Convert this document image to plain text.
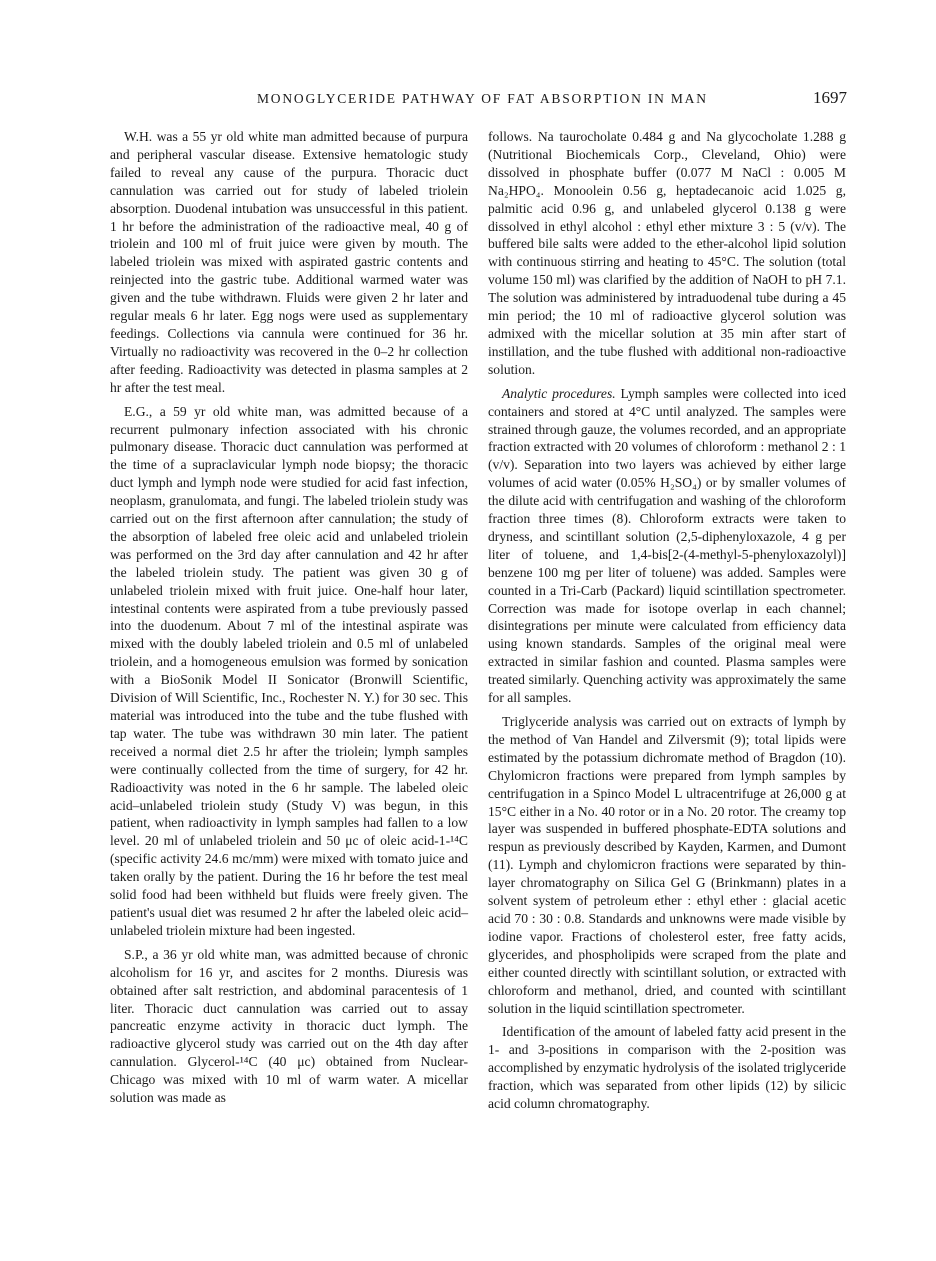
MONOGLYCERIDE PATHWAY OF FAT ABSORPTION IN MAN	1697

W.H. was a 55 yr old white man admitted because of purpura and peripheral vascular disease. Extensive hematologic study failed to reveal any cause of the purpura. Thoracic duct cannulation was carried out for study of labeled triolein absorption. Duodenal intubation was unsuccessful in this patient. 1 hr before the administration of the radioactive meal, 40 g of triolein and 100 ml of fruit juice were given by mouth. The labeled triolein was mixed with aspirated gastric contents and reinjected into the gastric tube. Additional warmed water was given and the tube withdrawn. Fluids were given 2 hr later and regular meals 6 hr later. Egg nogs were used as supplementary feedings. Collections via cannula were continued for 36 hr. Virtually no radioactivity was recovered in the 0–2 hr collection after feeding. Radioactivity was detected in plasma samples at 2 hr after the test meal.

E.G., a 59 yr old white man, was admitted because of a recurrent pulmonary infection associated with his chronic pulmonary disease. Thoracic duct cannulation was performed at the time of a supraclavicular lymph node biopsy; the thoracic duct lymph and lymph node were studied for acid fast infection, neoplasm, granulomata, and fungi. The labeled triolein study was carried out on the first afternoon after cannulation; the study of the absorption of labeled free oleic acid and unlabeled triolein was performed on the 3rd day after cannulation and 42 hr after the labeled triolein study. The patient was given 30 g of unlabeled triolein mixed with fruit juice. One-half hour later, intestinal contents were aspirated from a tube previously passed into the duodenum. About 7 ml of the intestinal aspirate was mixed with the doubly labeled triolein and 0.5 ml of unlabeled triolein, and a homogeneous emulsion was formed by sonication with a BioSonik Model II Sonicator (Bronwill Scientific, Division of Will Scientific, Inc., Rochester N. Y.) for 30 sec. This material was introduced into the tube and the tube flushed with tap water. The tube was withdrawn 30 min later. The patient received a normal diet 2.5 hr after the triolein; lymph samples were continually collected from the time of surgery, for 42 hr. Radioactivity was noted in the 6 hr sample. The labeled oleic acid–unlabeled triolein study (Study V) was begun, in this patient, when radioactivity in lymph samples had fallen to a low level. 20 ml of unlabeled triolein and 50 μc of oleic acid-1-¹⁴C (specific activity 24.6 mc/mm) were mixed with tomato juice and taken orally by the patient. During the 16 hr before the test meal solid food had been withheld but fluids were freely given. The patient's usual diet was resumed 2 hr after the labeled oleic acid–unlabeled triolein mixture had been ingested.

S.P., a 36 yr old white man, was admitted because of chronic alcoholism for 16 yr, and ascites for 2 months. Diuresis was obtained after salt restriction, and abdominal paracentesis of 1 liter. Thoracic duct cannulation was carried out to assay pancreatic enzyme activity in thoracic duct lymph. The radioactive glycerol study was carried out on the 4th day after cannulation. Glycerol-¹⁴C (40 μc) obtained from Nuclear-Chicago was mixed with 10 ml of warm water. A micellar solution was made as

follows. Na taurocholate 0.484 g and Na glycocholate 1.288 g (Nutritional Biochemicals Corp., Cleveland, Ohio) were dissolved in phosphate buffer (0.077 M NaCl : 0.005 M Na₂HPO₄. Monoolein 0.56 g, heptadecanoic acid 1.025 g, palmitic acid 0.96 g, and unlabeled glycerol 0.138 g were dissolved in ethyl alcohol : ethyl ether mixture 3 : 5 (v/v). The buffered bile salts were added to the ether-alcohol lipid solution with continuous stirring and heating to 45°C. The solution (total volume 150 ml) was clarified by the addition of NaOH to pH 7.1. The solution was administered by intraduodenal tube during a 45 min period; the 10 ml of radioactive glycerol solution was admixed with the micellar solution at 35 min after start of instillation, and the tube flushed with additional non-radioactive solution.

Analytic procedures. Lymph samples were collected into iced containers and stored at 4°C until analyzed. The samples were strained through gauze, the volumes recorded, and an appropriate fraction extracted with 20 volumes of chloroform : methanol 2 : 1 (v/v). Separation into two layers was achieved by either large volumes of acid water (0.05% H₂SO₄) or by smaller volumes of the dilute acid with centrifugation and washing of the chloroform fraction three times (8). Chloroform extracts were taken to dryness, and scintillant solution (2,5-diphenyloxazole, 4 g per liter of toluene, and 1,4-bis[2-(4-methyl-5-phenyloxazolyl)] benzene 100 mg per liter of toluene) was added. Samples were counted in a Tri-Carb (Packard) liquid scintillation spectrometer. Correction was made for isotope overlap in each channel; disintegrations per minute were calculated from efficiency data using known standards. Samples of the original meal were extracted in similar fashion and counted. Plasma samples were treated similarly. Quenching activity was approximately the same for all samples.

Triglyceride analysis was carried out on extracts of lymph by the method of Van Handel and Zilversmit (9); total lipids were estimated by the potassium dichromate method of Bragdon (10). Chylomicron fractions were prepared from lymph samples by centrifugation in a Spinco Model L ultracentrifuge at 26,000 g at 15°C either in a No. 40 rotor or in a No. 20 rotor. The creamy top layer was suspended in buffered phosphate-EDTA solutions and respun as previously described by Kayden, Karmen, and Dumont (11). Lymph and chylomicron fractions were separated by thin-layer chromatography on Silica Gel G (Brinkmann) plates in a solvent system of petroleum ether : ethyl ether : glacial acetic acid 70 : 30 : 0.8. Standards and unknowns were made visible by iodine vapor. Fractions of cholesterol ester, free fatty acids, glycerides, and phospholipids were scraped from the plate and either counted directly with scintillant solution, or extracted with chloroform and methanol, dried, and counted with scintillant solution in the liquid scintillation spectrometer.

Identification of the amount of labeled fatty acid present in the 1- and 3-positions in comparison with the 2-position was accomplished by enzymatic hydrolysis of the isolated triglyceride fraction, which was separated from other lipids (12) by silicic acid column chromatography.
